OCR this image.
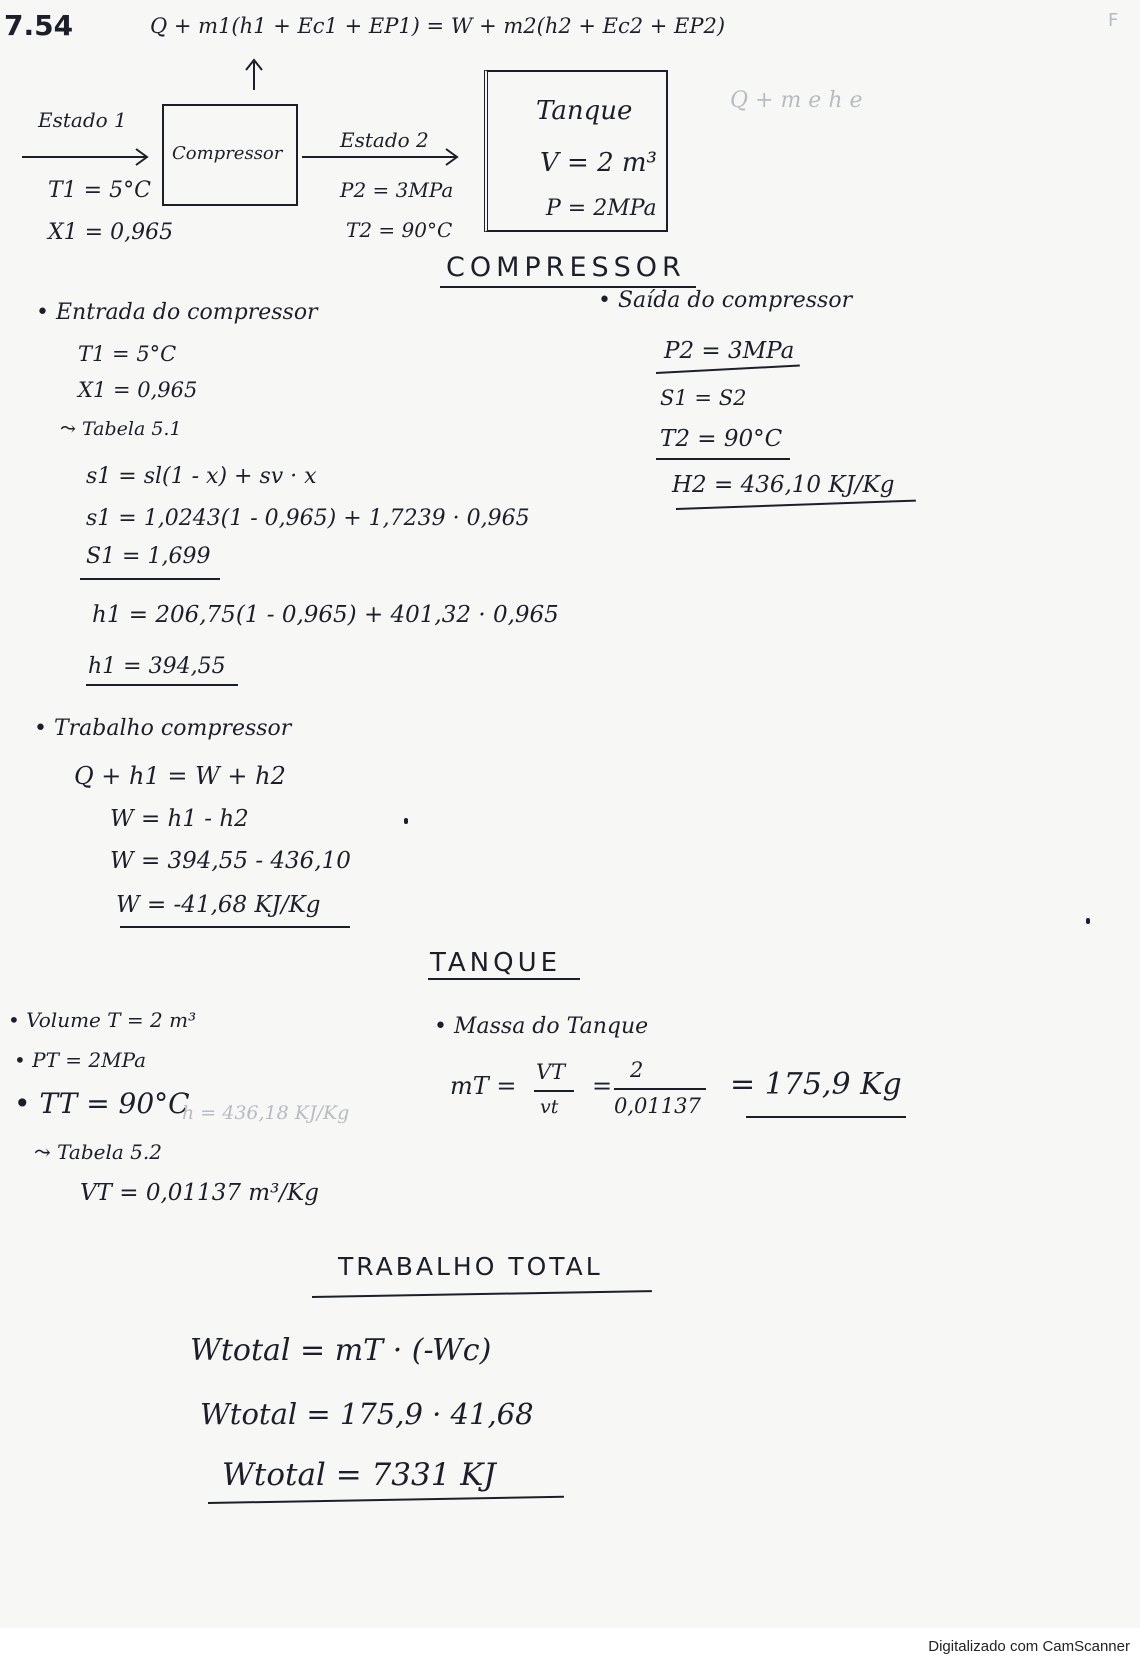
7.54	Q + m1(h1 + Ec1 + EP1) = W + m2(h2 + Ec2 + EP2)
Q + m e h e
F
Estado 1
T1 = 5°C
X1 = 0,965
Compressor
Estado 2
P2 = 3MPa
T2 = 90°C
Tanque
V = 2 m³
P = 2MPa
COMPRESSOR
• Entrada do compressor
T1 = 5°C
X1 = 0,965
⤳ Tabela 5.1
s1 = sl(1 - x) + sv · x
s1 = 1,0243(1 - 0,965) + 1,7239 · 0,965
S1 = 1,699
h1 = 206,75(1 - 0,965) + 401,32 · 0,965
h1 = 394,55
• Saída do compressor
P2 = 3MPa
S1 = S2
T2 = 90°C
H2 = 436,10 KJ/Kg
• Trabalho compressor
Q + h1 = W + h2
W = h1 - h2
W = 394,55 - 436,10
W = -41,68 KJ/Kg
TANQUE
• Volume T = 2 m³
• PT = 2MPa
• TT = 90°C
h = 436,18 KJ/Kg
⤳ Tabela 5.2
VT = 0,01137 m³/Kg
• Massa do Tanque
mT = VT
vt
=
2
0,01137
= 175,9 Kg
TRABALHO TOTAL
Wtotal = mT · (-Wc)
Wtotal = 175,9 · 41,68
Wtotal = 7331 KJ
Digitalizado com CamScanner
